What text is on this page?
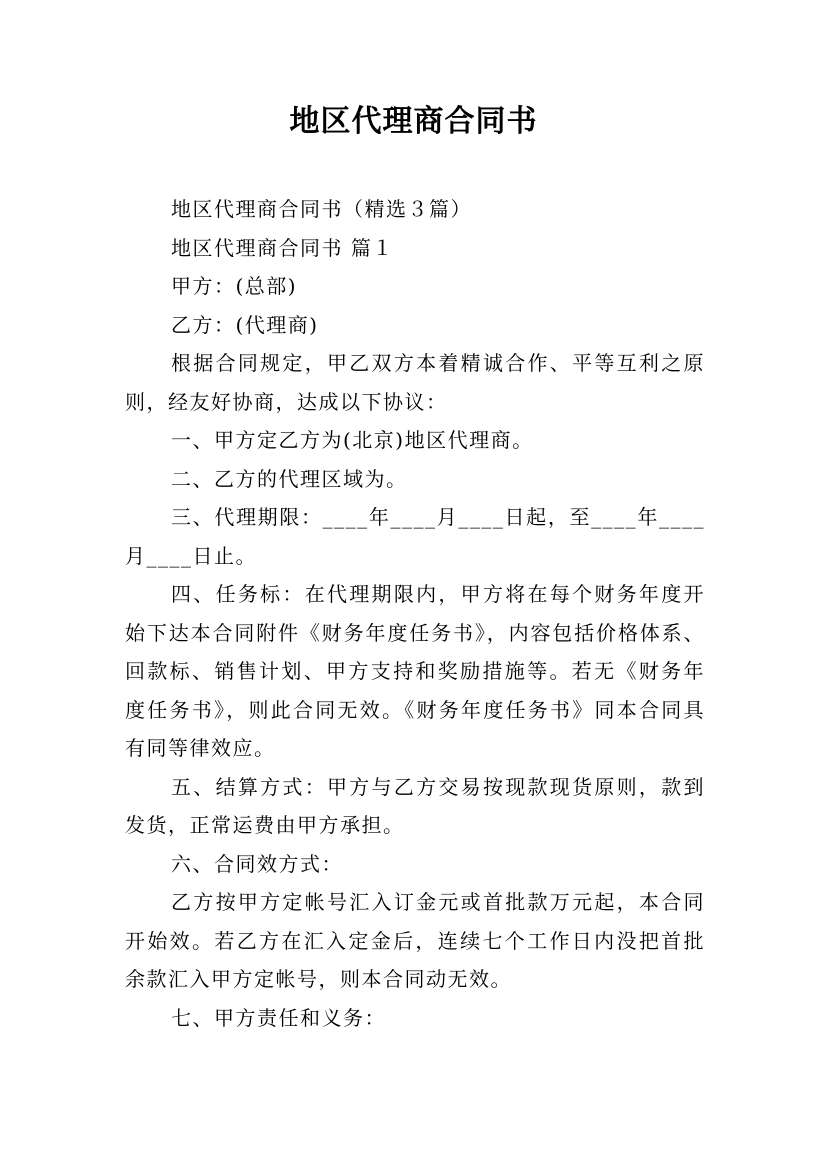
地区代理商合同书

地区代理商合同书（精选３篇）

地区代理商合同书 篇１

甲方：(总部)

乙方：(代理商)

根据合同规定，甲乙双方本着精诚合作、平等互利之原则，经友好协商，达成以下协议：

一、甲方定乙方为(北京)地区代理商。

二、乙方的代理区域为。

三、代理期限：____年____月____日起，至____年____月____日止。

四、任务标：在代理期限内，甲方将在每个财务年度开始下达本合同附件《财务年度任务书》，内容包括价格体系、回款标、销售计划、甲方支持和奖励措施等。若无《财务年度任务书》，则此合同无效。《财务年度任务书》同本合同具有同等律效应。

五、结算方式：甲方与乙方交易按现款现货原则，款到发货，正常运费由甲方承担。

六、合同效方式：

乙方按甲方定帐号汇入订金元或首批款万元起，本合同开始效。若乙方在汇入定金后，连续七个工作日内没把首批余款汇入甲方定帐号，则本合同动无效。

七、甲方责任和义务：
